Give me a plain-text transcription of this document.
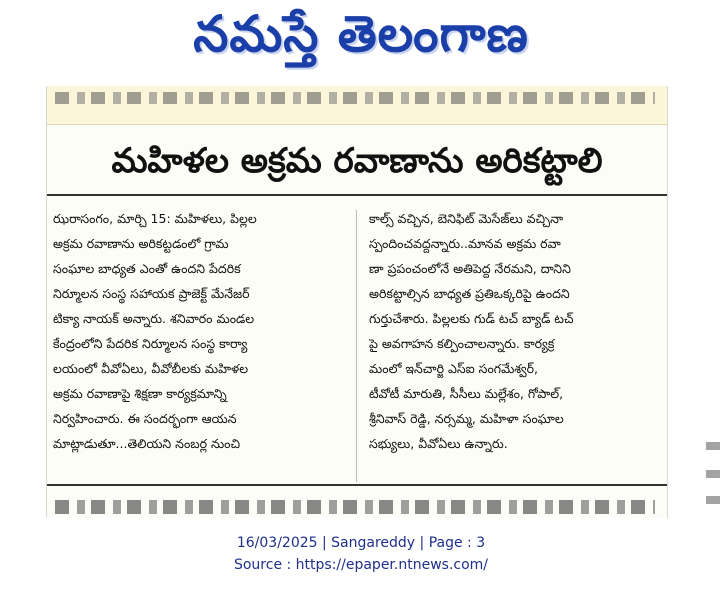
నమస్తే తెలంగాణ
మహిళల అక్రమ రవాణాను అరికట్టాలి

ఝరాసంగం, మార్చి 15: మహిళలు, పిల్లల

అక్రమ రవాణాను అరికట్టడంలో గ్రామ

సంఘాల బాధ్యత ఎంతో ఉందని పేదరిక

నిర్మూలన సంస్థ సహాయక ప్రాజెక్ట్ మేనేజర్

టిక్యా నాయక్ అన్నారు. శనివారం మండల

కేంద్రంలోని పేదరిక నిర్మూలన సంస్థ కార్యా

లయంలో వీవోఏలు, వీవోబీలకు మహిళల

అక్రమ రవాణాపై శిక్షణా కార్యక్రమాన్ని

నిర్వహించారు. ఈ సందర్భంగా ఆయన

మాట్లాడుతూ...తెలియని నంబర్ల నుంచి

కాల్స్ వచ్చిన, బెనిఫిట్ మెసేజ్‌లు వచ్చినా

స్పందించవద్దన్నారు..మానవ అక్రమ రవా

ణా ప్రపంచంలోనే అతిపెద్ద నేరమని, దానిని

అరికట్టాల్సిన బాధ్యత ప్రతిఒక్కరిపై ఉందని

గుర్తుచేశారు. పిల్లలకు గుడ్ టచ్ బ్యాడ్ టచ్

పై అవగాహన కల్పించాలన్నారు. కార్యక్ర

మంలో ఇన్‌చార్జి ఎస్ఐ సంగమేశ్వర్,

టీవోటీ మారుతి, సీసీలు మల్లేశం, గోపాల్,

శ్రీనివాస్ రెడ్డి, నర్సమ్మ, మహిళా సంఘాల

సభ్యులు, వీవోఏలు ఉన్నారు.

16/03/2025 | Sangareddy | Page : 3
Source : https://epaper.ntnews.com/
